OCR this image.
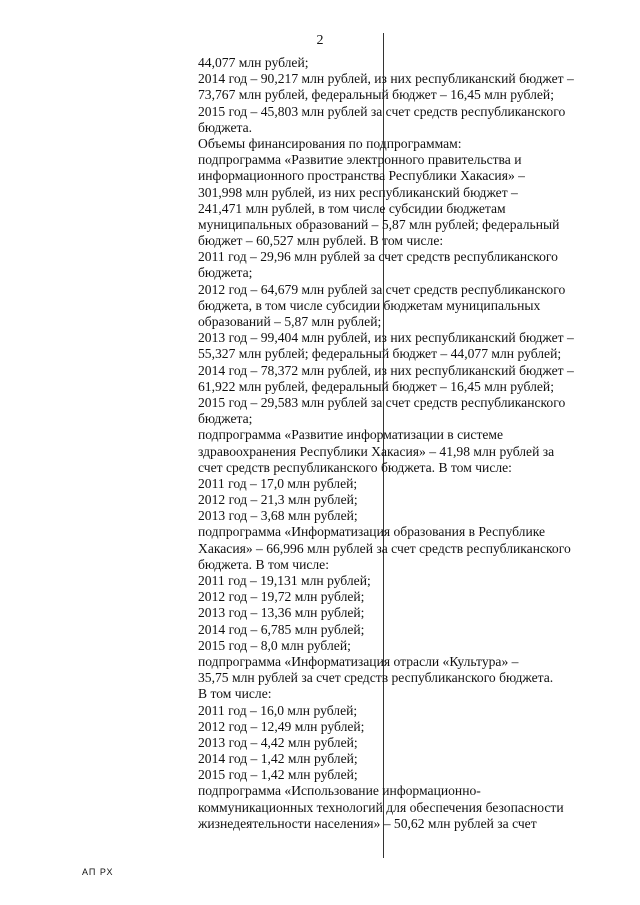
2
44,077 млн рублей;
2014 год – 90,217 млн рублей, из них республиканский бюджет –
73,767 млн рублей, федеральный бюджет – 16,45 млн рублей;
2015 год – 45,803 млн рублей за счет средств республиканского
бюджета.
Объемы финансирования по подпрограммам:
подпрограмма «Развитие электронного правительства и
информационного пространства Республики Хакасия» –
301,998 млн рублей, из них республиканский бюджет –
241,471 млн рублей, в том числе субсидии бюджетам
муниципальных образований – 5,87 млн рублей; федеральный
бюджет – 60,527 млн рублей. В том числе:
2011 год – 29,96 млн рублей за счет средств республиканского
бюджета;
2012 год – 64,679 млн рублей за счет средств республиканского
бюджета, в том числе субсидии бюджетам муниципальных
образований – 5,87 млн рублей;
2013 год – 99,404 млн рублей, из них республиканский бюджет –
55,327 млн рублей; федеральный бюджет – 44,077 млн рублей;
2014 год – 78,372 млн рублей, из них республиканский бюджет –
61,922 млн рублей, федеральный бюджет – 16,45 млн рублей;
2015 год – 29,583 млн рублей за счет средств республиканского
бюджета;
подпрограмма «Развитие информатизации в системе
здравоохранения Республики Хакасия» – 41,98 млн рублей за
счет средств республиканского бюджета. В том числе:
2011 год – 17,0 млн рублей;
2012 год – 21,3 млн рублей;
2013 год – 3,68 млн рублей;
подпрограмма «Информатизация образования в Республике
Хакасия» – 66,996 млн рублей за счет средств республиканского
бюджета. В том числе:
2011 год – 19,131 млн рублей;
2012 год – 19,72 млн рублей;
2013 год – 13,36 млн рублей;
2014 год – 6,785 млн рублей;
2015 год – 8,0 млн рублей;
подпрограмма «Информатизация отрасли «Культура» –
35,75 млн рублей за счет средств республиканского бюджета.
В том числе:
2011 год – 16,0 млн рублей;
2012 год – 12,49 млн рублей;
2013 год – 4,42 млн рублей;
2014 год – 1,42 млн рублей;
2015 год – 1,42 млн рублей;
подпрограмма «Использование информационно-
коммуникационных технологий для обеспечения безопасности
жизнедеятельности населения» – 50,62 млн рублей за счет
АП РХ
